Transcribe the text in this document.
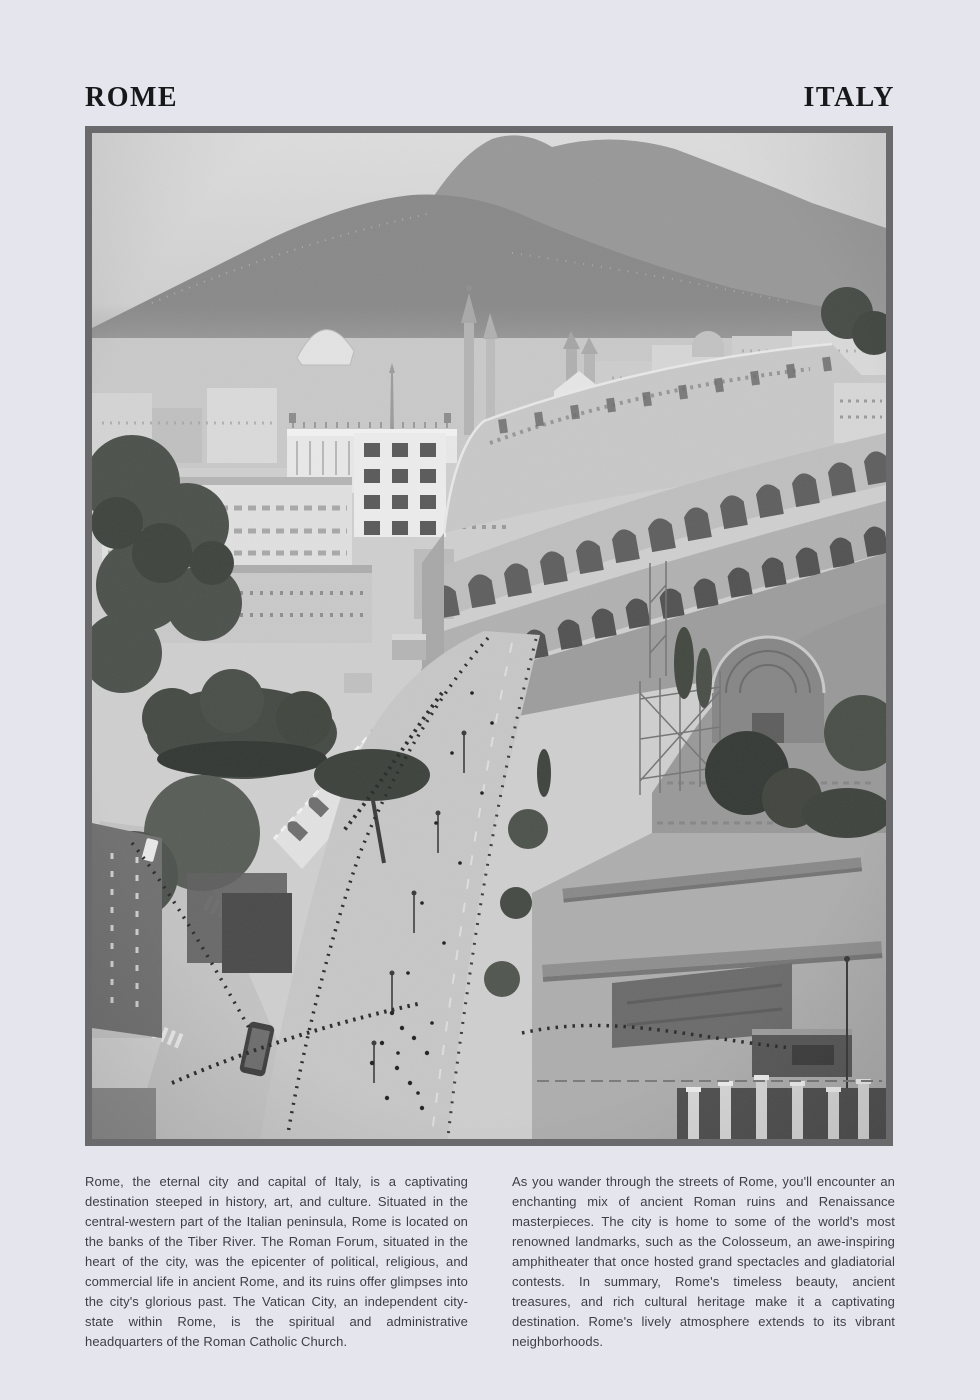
ROME	ITALY

Rome, the eternal city and capital of Italy, is a captivating destination steeped in history, art, and culture. Situated in the central-western part of the Italian peninsula, Rome is located on the banks of the Tiber River. The Roman Forum, situated in the heart of the city, was the epicenter of political, religious, and commercial life in ancient Rome, and its ruins offer glimpses into the city's glorious past. The Vatican City, an independent city-state within Rome, is the spiritual and administrative headquarters of the Roman Catholic Church.

As you wander through the streets of Rome, you'll encounter an enchanting mix of ancient Roman ruins and Renaissance masterpieces. The city is home to some of the world's most renowned landmarks, such as the Colosseum, an awe-inspiring amphitheater that once hosted grand spectacles and gladiatorial contests. In summary, Rome's timeless beauty, ancient treasures, and rich cultural heritage make it a captivating destination. Rome's lively atmosphere extends to its vibrant neighborhoods.
